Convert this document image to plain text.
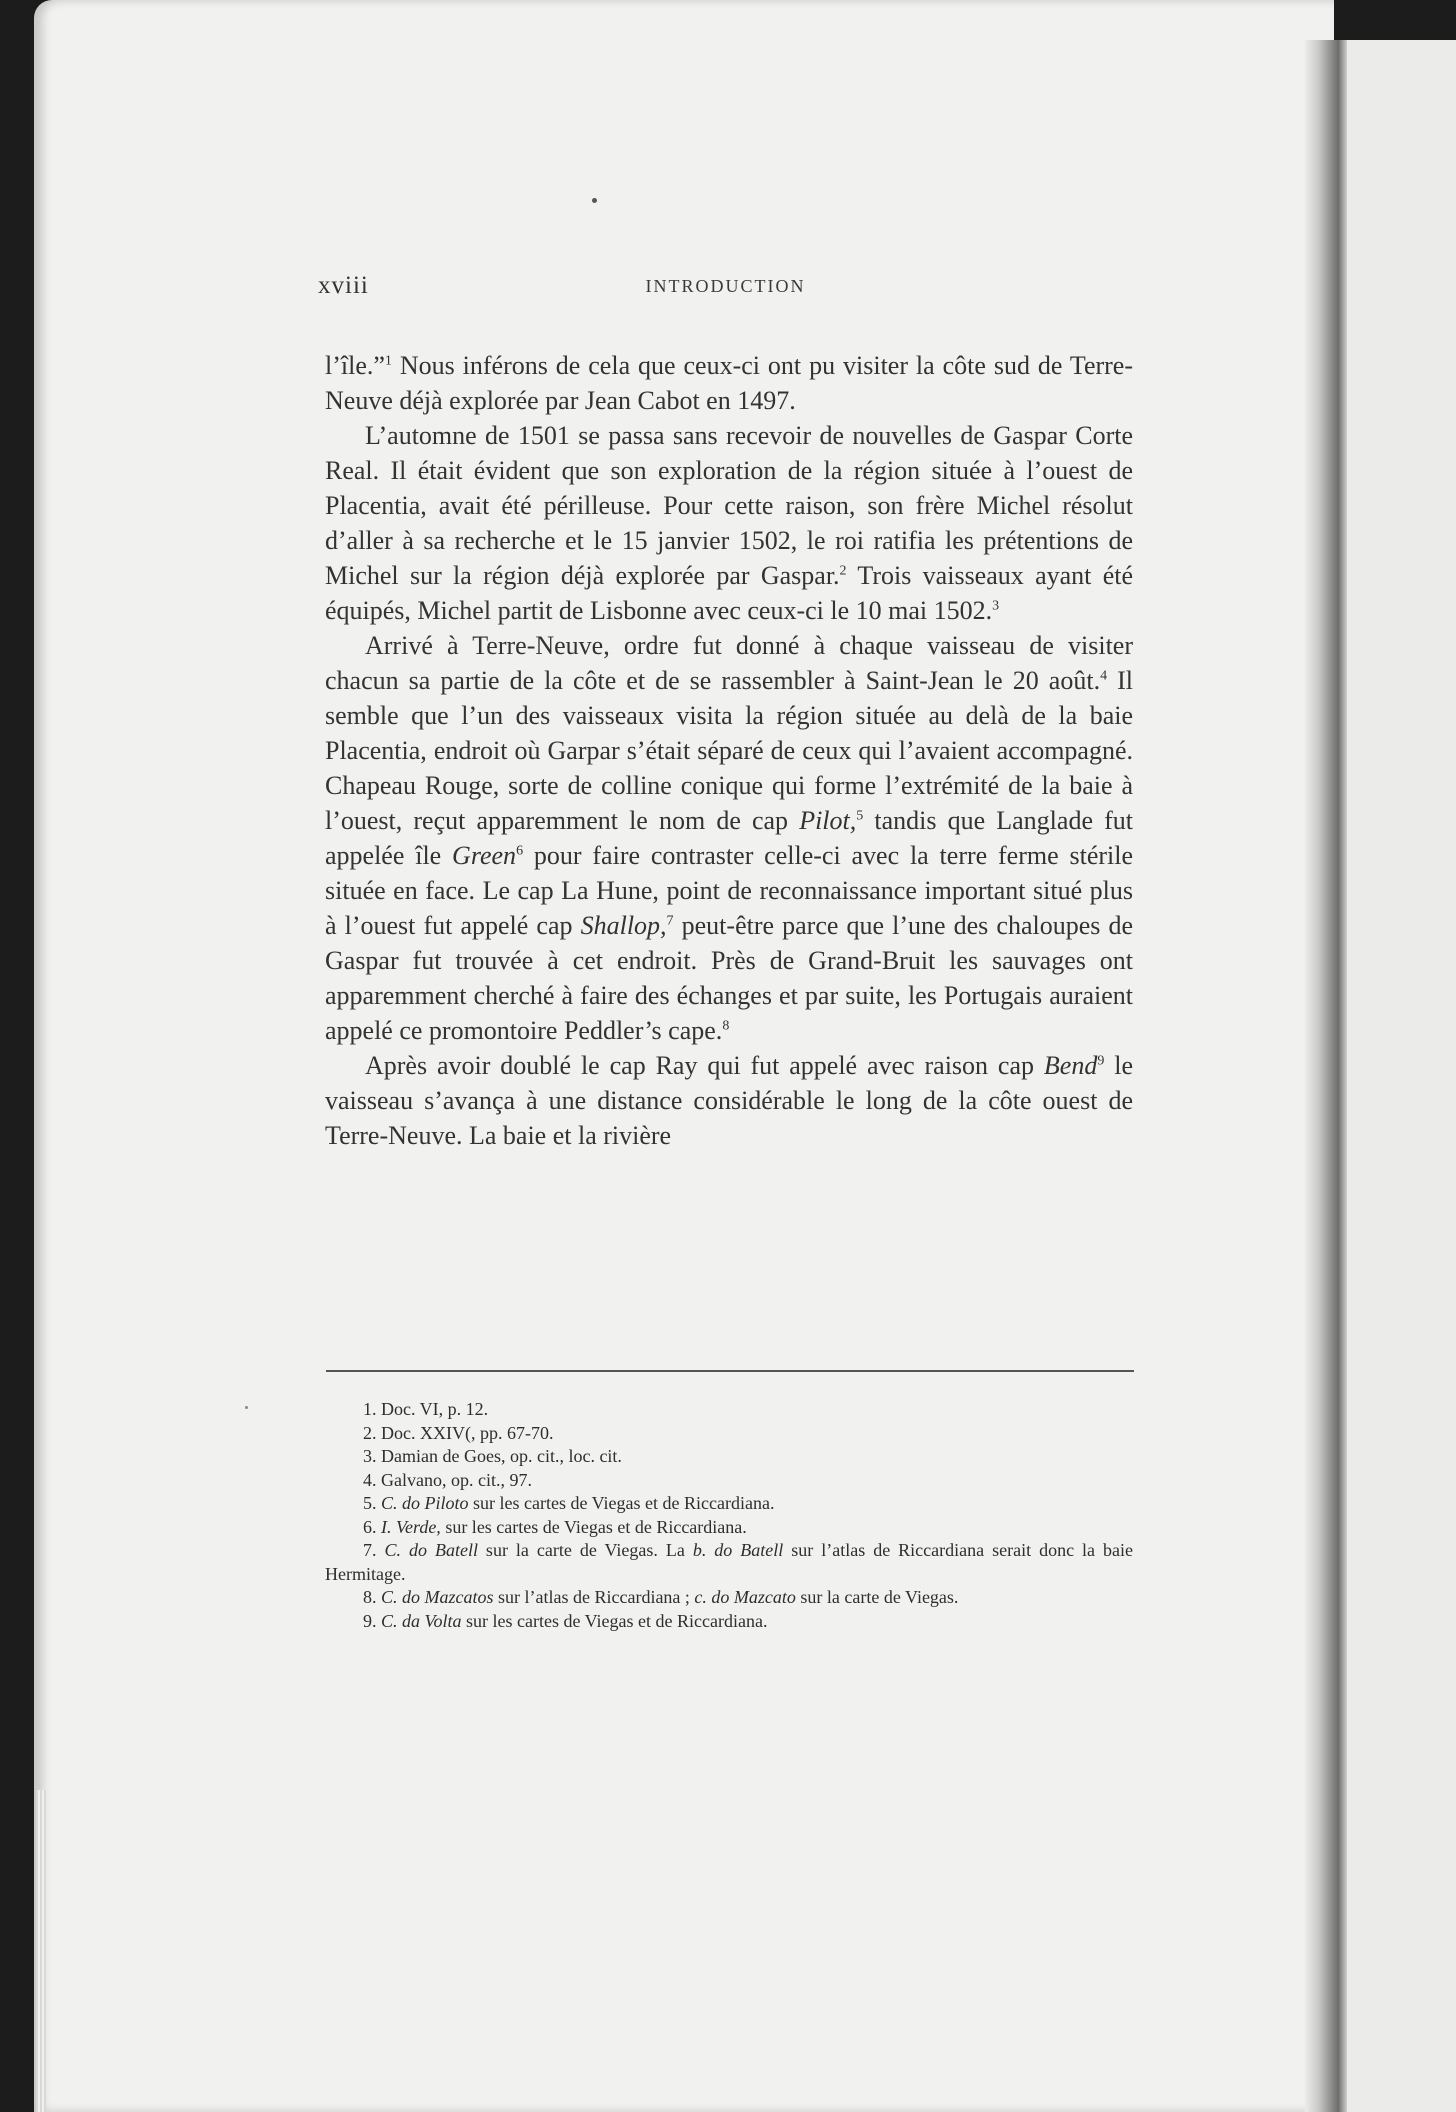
xviii	INTRODUCTION

l’île.”$^1$ Nous inférons de cela que ceux-ci ont pu visiter la côte sud de Terre-Neuve déjà explorée par Jean Cabot en 1497.

L’automne de 1501 se passa sans recevoir de nouvelles de Gaspar Corte Real. Il était évident que son exploration de la région située à l’ouest de Placentia, avait été périlleuse. Pour cette raison, son frère Michel résolut d’aller à sa recherche et le 15 janvier 1502, le roi ratifia les prétentions de Michel sur la région déjà explorée par Gaspar.$^2$ Trois vaisseaux ayant été équipés, Michel partit de Lisbonne avec ceux-ci le 10 mai 1502.$^3$

Arrivé à Terre-Neuve, ordre fut donné à chaque vaisseau de visiter chacun sa partie de la côte et de se rassembler à Saint-Jean le 20 août.$^4$ Il semble que l’un des vaisseaux visita la région située au delà de la baie Placentia, endroit où Garpar s’était séparé de ceux qui l’avaient accompagné. Chapeau Rouge, sorte de colline conique qui forme l’extrémité de la baie à l’ouest, reçut apparemment le nom de cap Pilot,$^5$ tandis que Langlade fut appelée île Green$^6$ pour faire contraster celle-ci avec la terre ferme stérile située en face. Le cap La Hune, point de reconnaissance important situé plus à l’ouest fut appelé cap Shallop,$^7$ peut-être parce que l’une des chaloupes de Gaspar fut trouvée à cet endroit. Près de Grand-Bruit les sauvages ont apparemment cherché à faire des échanges et par suite, les Portugais auraient appelé ce promontoire Peddler’s cape.$^8$

Après avoir doublé le cap Ray qui fut appelé avec raison cap Bend$^9$ le vaisseau s’avança à une distance considérable le long de la côte ouest de Terre-Neuve. La baie et la rivière

1. Doc. VI, p. 12.
2. Doc. XXIV(, pp. 67-70.
3. Damian de Goes, op. cit., loc. cit.
4. Galvano, op. cit., 97.
5. C. do Piloto sur les cartes de Viegas et de Riccardiana.
6. I. Verde, sur les cartes de Viegas et de Riccardiana.
7. C. do Batell sur la carte de Viegas. La b. do Batell sur l’atlas de Riccardiana serait donc la baie Hermitage.
8. C. do Mazcatos sur l’atlas de Riccardiana ; c. do Mazcato sur la carte de Viegas.
9. C. da Volta sur les cartes de Viegas et de Riccardiana.
